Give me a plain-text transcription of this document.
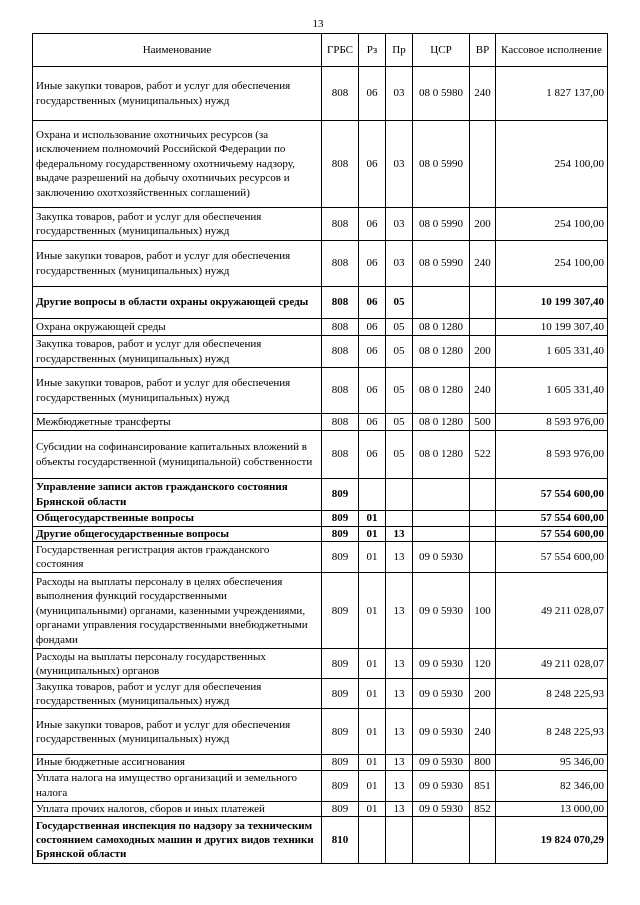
13
Наименование	ГРБС	Рз	Пр	ЦСР	ВР	Кассовое исполнение
Иные закупки товаров, работ и услуг для обеспечения государственных (муниципальных) нужд	808	06	03	08 0 5980	240	1 827 137,00
Охрана и использование охотничьих ресурсов (за исключением полномочий Российской Федерации по федеральному государственному охотничьему надзору, выдаче разрешений на добычу охотничьих ресурсов и заключению охотхозяйственных соглашений)	808	06	03	08 0 5990		254 100,00
Закупка товаров, работ и услуг для обеспечения государственных (муниципальных) нужд	808	06	03	08 0 5990	200	254 100,00
Иные закупки товаров, работ и услуг для обеспечения государственных (муниципальных) нужд	808	06	03	08 0 5990	240	254 100,00
Другие вопросы в области охраны окружающей среды	808	06	05			10 199 307,40
Охрана окружающей среды	808	06	05	08 0 1280		10 199 307,40
Закупка товаров, работ и услуг для обеспечения государственных (муниципальных) нужд	808	06	05	08 0 1280	200	1 605 331,40
Иные закупки товаров, работ и услуг для обеспечения государственных (муниципальных) нужд	808	06	05	08 0 1280	240	1 605 331,40
Межбюджетные трансферты	808	06	05	08 0 1280	500	8 593 976,00
Субсидии на софинансирование капитальных вложений в объекты государственной (муниципальной) собственности	808	06	05	08 0 1280	522	8 593 976,00
Управление записи актов гражданского состояния Брянской области	809					57 554 600,00
Общегосударственные вопросы	809	01				57 554 600,00
Другие общегосударственные вопросы	809	01	13			57 554 600,00
Государственная регистрация актов гражданского состояния	809	01	13	09 0 5930		57 554 600,00
Расходы на выплаты персоналу в целях обеспечения выполнения функций государственными (муниципальными) органами, казенными учреждениями, органами управления государственными внебюджетными фондами	809	01	13	09 0 5930	100	49 211 028,07
Расходы на выплаты персоналу государственных (муниципальных) органов	809	01	13	09 0 5930	120	49 211 028,07
Закупка товаров, работ и услуг для обеспечения государственных (муниципальных) нужд	809	01	13	09 0 5930	200	8 248 225,93
Иные закупки товаров, работ и услуг для обеспечения государственных (муниципальных) нужд	809	01	13	09 0 5930	240	8 248 225,93
Иные бюджетные ассигнования	809	01	13	09 0 5930	800	95 346,00
Уплата налога на имущество организаций и земельного налога	809	01	13	09 0 5930	851	82 346,00
Уплата прочих налогов, сборов и иных платежей	809	01	13	09 0 5930	852	13 000,00
Государственная инспекция по надзору за техническим состоянием самоходных машин и других видов техники Брянской области	810					19 824 070,29
